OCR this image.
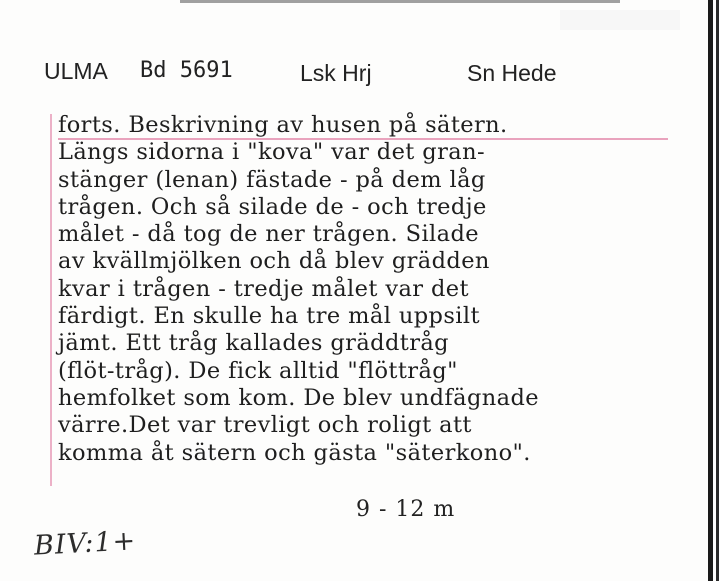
ULMA Bd 5691	Lsk Hrj	Sn Hede
forts. Beskrivning av husen på sätern.
Längs sidorna i "kova" var det gran-
stänger (lenan) fästade - på dem låg
trågen. Och så silade de - och tredje
målet - då tog de ner trågen. Silade
av kvällmjölken och då blev grädden
kvar i trågen - tredje målet var det
färdigt. En skulle ha tre mål uppsilt
jämt. Ett tråg kallades gräddtråg
(flöt-tråg). De fick alltid "flöttråg"
hemfolket som kom. De blev undfägnade
värre.Det var trevligt och roligt att
komma åt sätern och gästa "säterkono".
9 - 12 m
BIV:1+
